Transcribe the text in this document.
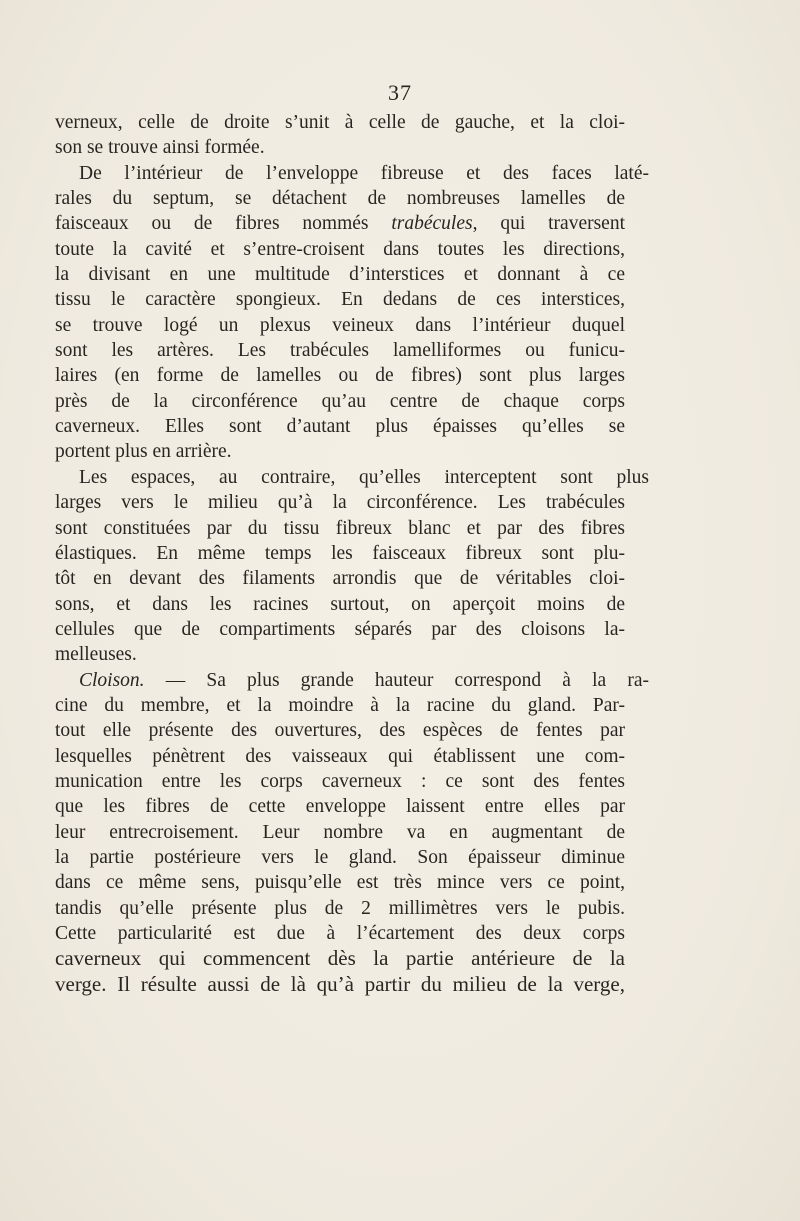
37
verneux, celle de droite s’unit à celle de gauche, et la cloi-
son se trouve ainsi formée.
De l’intérieur de l’enveloppe fibreuse et des faces laté-
rales du septum, se détachent de nombreuses lamelles de
faisceaux ou de fibres nommés trabécules, qui traversent
toute la cavité et s’entre-croisent dans toutes les directions,
la divisant en une multitude d’interstices et donnant à ce
tissu le caractère spongieux. En dedans de ces interstices,
se trouve logé un plexus veineux dans l’intérieur duquel
sont les artères. Les trabécules lamelliformes ou funicu-
laires (en forme de lamelles ou de fibres) sont plus larges
près de la circonférence qu’au centre de chaque corps
caverneux. Elles sont d’autant plus épaisses qu’elles se
portent plus en arrière.
Les espaces, au contraire, qu’elles interceptent sont plus
larges vers le milieu qu’à la circonférence. Les trabécules
sont constituées par du tissu fibreux blanc et par des fibres
élastiques. En même temps les faisceaux fibreux sont plu-
tôt en devant des filaments arrondis que de véritables cloi-
sons, et dans les racines surtout, on aperçoit moins de
cellules que de compartiments séparés par des cloisons la-
melleuses.
Cloison. — Sa plus grande hauteur correspond à la ra-
cine du membre, et la moindre à la racine du gland. Par-
tout elle présente des ouvertures, des espèces de fentes par
lesquelles pénètrent des vaisseaux qui établissent une com-
munication entre les corps caverneux : ce sont des fentes
que les fibres de cette enveloppe laissent entre elles par
leur entrecroisement. Leur nombre va en augmentant de
la partie postérieure vers le gland. Son épaisseur diminue
dans ce même sens, puisqu’elle est très mince vers ce point,
tandis qu’elle présente plus de 2 millimètres vers le pubis.
Cette particularité est due à l’écartement des deux corps
caverneux qui commencent dès la partie antérieure de la
verge. Il résulte aussi de là qu’à partir du milieu de la verge,
